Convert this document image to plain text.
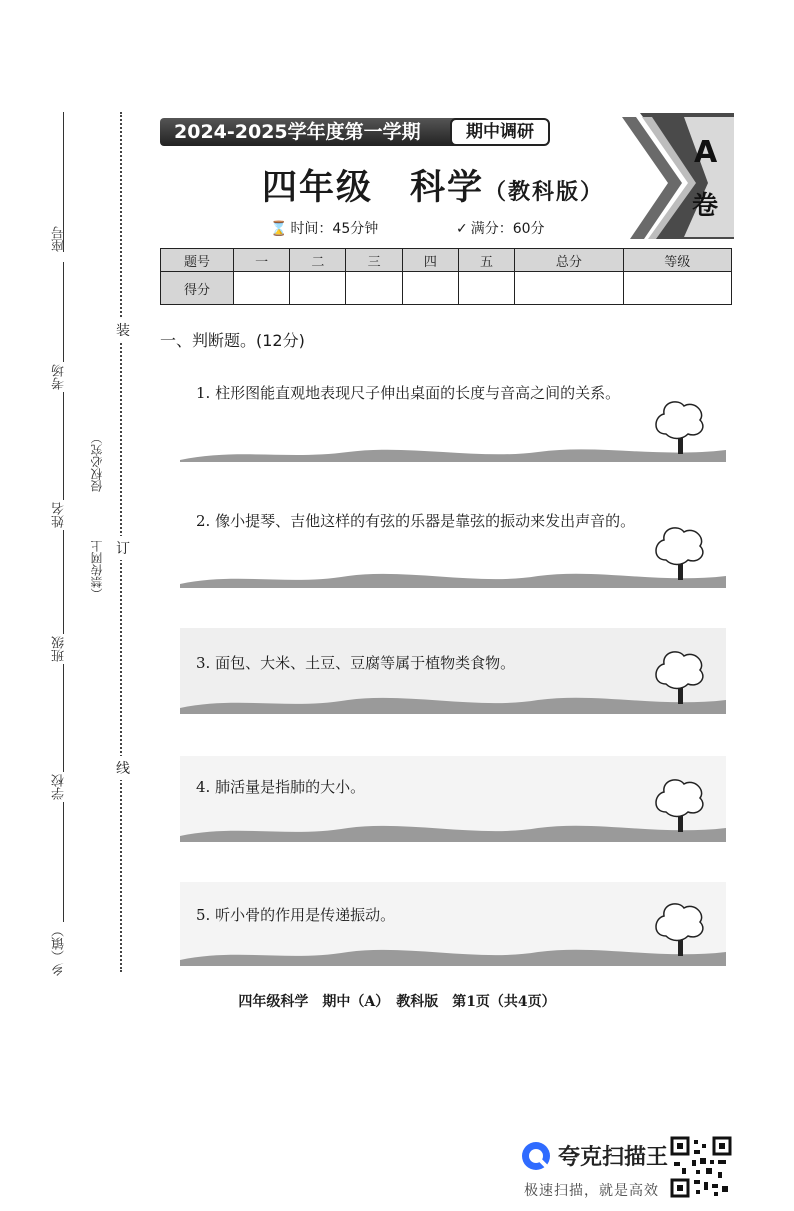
座号
考场
姓名
班级
学校
乡（镇）
（禁传网上
侵权必究）
装
订
线
2024-2025学年度第一学期	期中调研
四年级　科学（教科版）
⌛ 时间：45分钟	✓ 满分：60分
A
卷
题号	一	二	三	四	五	总分	等级
得分							
一、判断题。(12分)
1. 柱形图能直观地表现尺子伸出桌面的长度与音高之间的关系。
2. 像小提琴、吉他这样的有弦的乐器是靠弦的振动来发出声音的。
3. 面包、大米、土豆、豆腐等属于植物类食物。
4. 肺活量是指肺的大小。
5. 听小骨的作用是传递振动。
四年级科学　期中（A）　教科版　第1页（共4页）
夸克扫描王
极速扫描，就是高效
